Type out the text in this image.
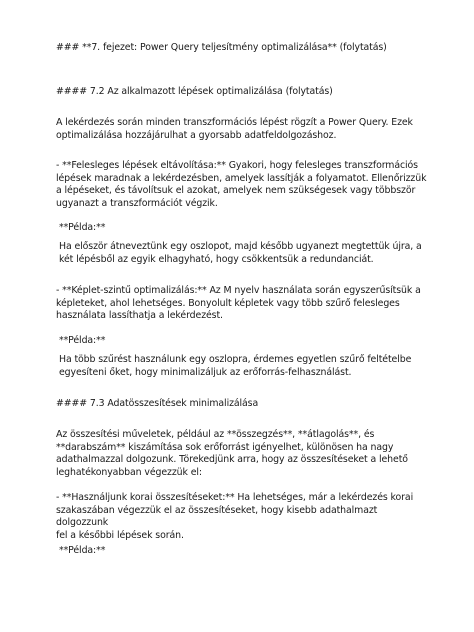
### **7. fejezet: Power Query teljesítmény optimalizálása** (folytatás)

#### 7.2 Az alkalmazott lépések optimalizálása (folytatás)

A lekérdezés során minden transzformációs lépést rögzít a Power Query. Ezek
optimalizálása hozzájárulhat a gyorsabb adatfeldolgozáshoz.

- **Felesleges lépések eltávolítása:** Gyakori, hogy felesleges transzformációs
lépések maradnak a lekérdezésben, amelyek lassítják a folyamatot. Ellenőrizzük
a lépéseket, és távolítsuk el azokat, amelyek nem szükségesek vagy többször
ugyanazt a transzformációt végzik.

**Példa:**

Ha először átneveztünk egy oszlopot, majd később ugyanezt megtettük újra, a
két lépésből az egyik elhagyható, hogy csökkentsük a redundanciát.

- **Képlet-szintű optimalizálás:** Az M nyelv használata során egyszerűsítsük a
képleteket, ahol lehetséges. Bonyolult képletek vagy több szűrő felesleges
használata lassíthatja a lekérdezést.

**Példa:**

Ha több szűrést használunk egy oszlopra, érdemes egyetlen szűrő feltételbe
egyesíteni őket, hogy minimalizáljuk az erőforrás-felhasználást.

#### 7.3 Adatösszesítések minimalizálása

Az összesítési műveletek, például az **összegzés**, **átlagolás**, és
**darabszám** kiszámítása sok erőforrást igényelhet, különösen ha nagy
adathalmazzal dolgozunk. Törekedjünk arra, hogy az összesítéseket a lehető
leghatékonyabban végezzük el:

- **Használjunk korai összesítéseket:** Ha lehetséges, már a lekérdezés korai
szakaszában végezzük el az összesítéseket, hogy kisebb adathalmazt dolgozzunk
fel a későbbi lépések során.

**Példa:**
